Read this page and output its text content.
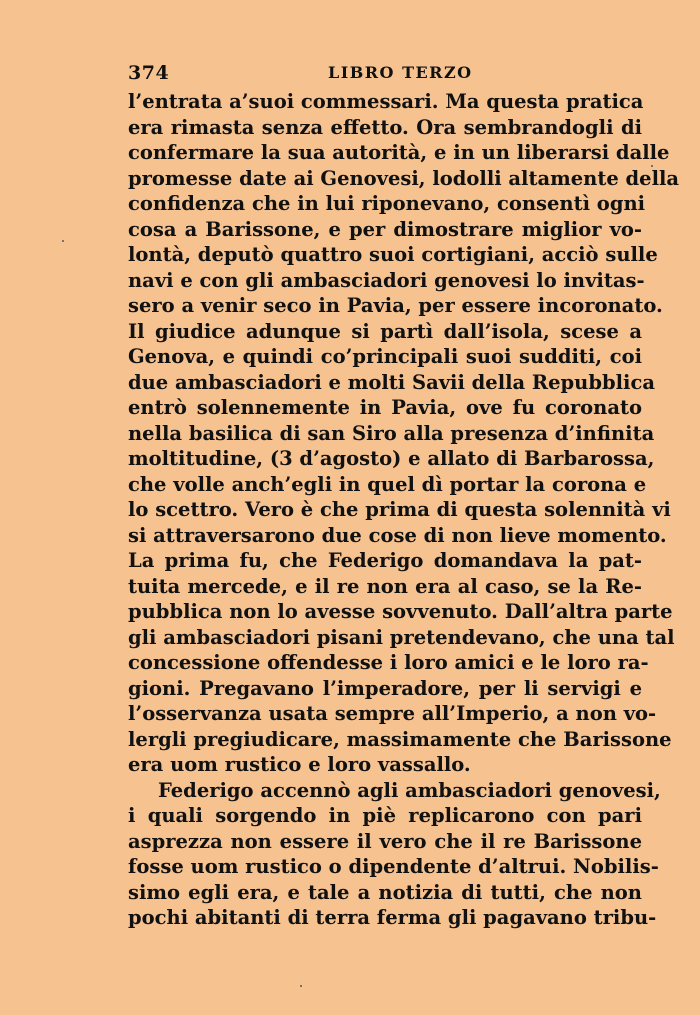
374	LIBRO TERZO
l’entrata a’suoi commessari. Ma questa pratica
era rimasta senza effetto. Ora sembrandogli di
confermare la sua autorità, e in un liberarsi dalle
promesse date ai Genovesi, lodolli altamente della
confidenza che in lui riponevano, consentì ogni
cosa a Barissone, e per dimostrare miglior vo-
lontà, deputò quattro suoi cortigiani, acciò sulle
navi e con gli ambasciadori genovesi lo invitas-
sero a venir seco in Pavia, per essere incoronato.
Il giudice adunque si partì dall’isola, scese a
Genova, e quindi co’principali suoi sudditi, coi
due ambasciadori e molti Savii della Repubblica
entrò solennemente in Pavia, ove fu coronato
nella basilica di san Siro alla presenza d’infinita
moltitudine, (3 d’agosto) e allato di Barbarossa,
che volle anch’egli in quel dì portar la corona e
lo scettro. Vero è che prima di questa solennità vi
si attraversarono due cose di non lieve momento.
La prima fu, che Federigo domandava la pat-
tuita mercede, e il re non era al caso, se la Re-
pubblica non lo avesse sovvenuto. Dall’altra parte
gli ambasciadori pisani pretendevano, che una tal
concessione offendesse i loro amici e le loro ra-
gioni. Pregavano l’imperadore, per li servigi e
l’osservanza usata sempre all’Imperio, a non vo-
lergli pregiudicare, massimamente che Barissone
era uom rustico e loro vassallo.
Federigo accennò agli ambasciadori genovesi,
i quali sorgendo in piè replicarono con pari
asprezza non essere il vero che il re Barissone
fosse uom rustico o dipendente d’altrui. Nobilis-
simo egli era, e tale a notizia di tutti, che non
pochi abitanti di terra ferma gli pagavano tribu-
